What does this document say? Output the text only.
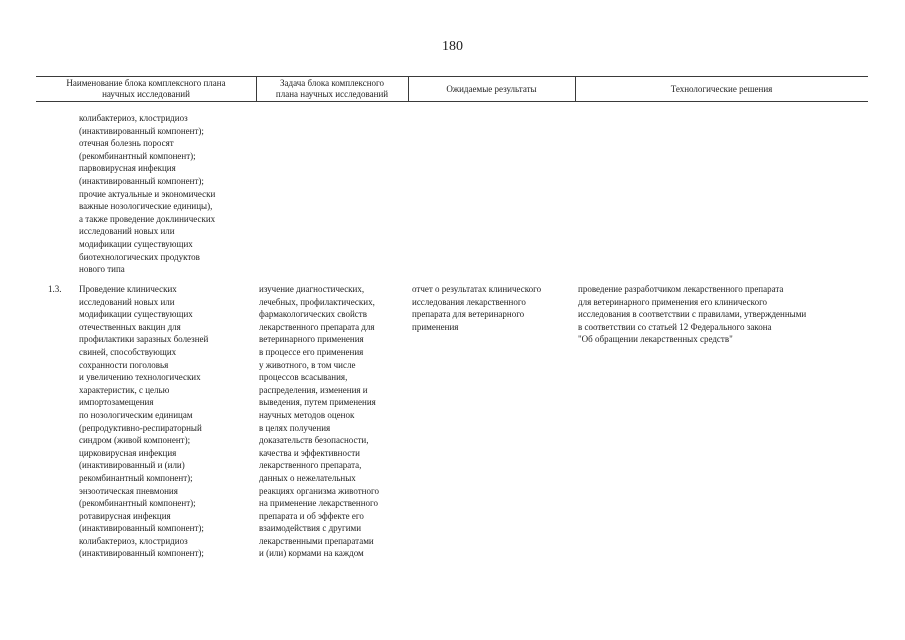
180
Наименование блока комплексного плана
научных исследований
Задача блока комплексного
плана научных исследований	Ожидаемые результаты	Технологические решения
колибактериоз, клостридиоз
(инактивированный компонент);
отечная болезнь поросят
(рекомбинантный компонент);
парвовирусная инфекция
(инактивированный компонент);
прочие актуальные и экономически
важные нозологические единицы),
а также проведение доклинических
исследований новых или
модификации существующих
биотехнологических продуктов
нового типа
1.3. Проведение клинических
исследований новых или
модификации существующих
отечественных вакцин для
профилактики заразных болезней
свиней, способствующих
сохранности поголовья
и увеличению технологических
характеристик, с целью
импортозамещения
по нозологическим единицам
(репродуктивно-респираторный
синдром (живой компонент);
цирковирусная инфекция
(инактивированный и (или)
рекомбинантный компонент);
энзоотическая пневмония
(рекомбинантный компонент);
ротавирусная инфекция
(инактивированный компонент);
колибактериоз, клостридиоз
(инактивированный компонент);
изучение диагностических,
лечебных, профилактических,
фармакологических свойств
лекарственного препарата для
ветеринарного применения
в процессе его применения
у животного, в том числе
процессов всасывания,
распределения, изменения и
выведения, путем применения
научных методов оценок
в целях получения
доказательств безопасности,
качества и эффективности
лекарственного препарата,
данных о нежелательных
реакциях организма животного
на применение лекарственного
препарата и об эффекте его
взаимодействия с другими
лекарственными препаратами
и (или) кормами на каждом
отчет о результатах клинического
исследования лекарственного
препарата для ветеринарного
применения
проведение разработчиком лекарственного препарата
для ветеринарного применения его клинического
исследования в соответствии с правилами, утвержденными
в соответствии со статьей 12 Федерального закона
"Об обращении лекарственных средств"
